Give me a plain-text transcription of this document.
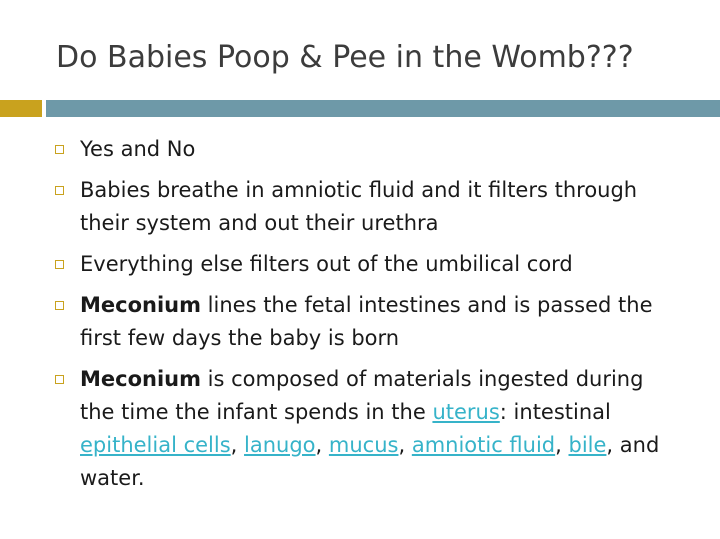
Do Babies Poop & Pee in the Womb???
Yes and No
Babies breathe in amniotic fluid and it filters through their system and out their urethra
Everything else filters out of the umbilical cord
Meconium lines the fetal intestines and is passed the first few days the baby is born
Meconium is composed of materials ingested during the time the infant spends in the uterus: intestinal epithelial cells, lanugo, mucus, amniotic fluid, bile, and water.
